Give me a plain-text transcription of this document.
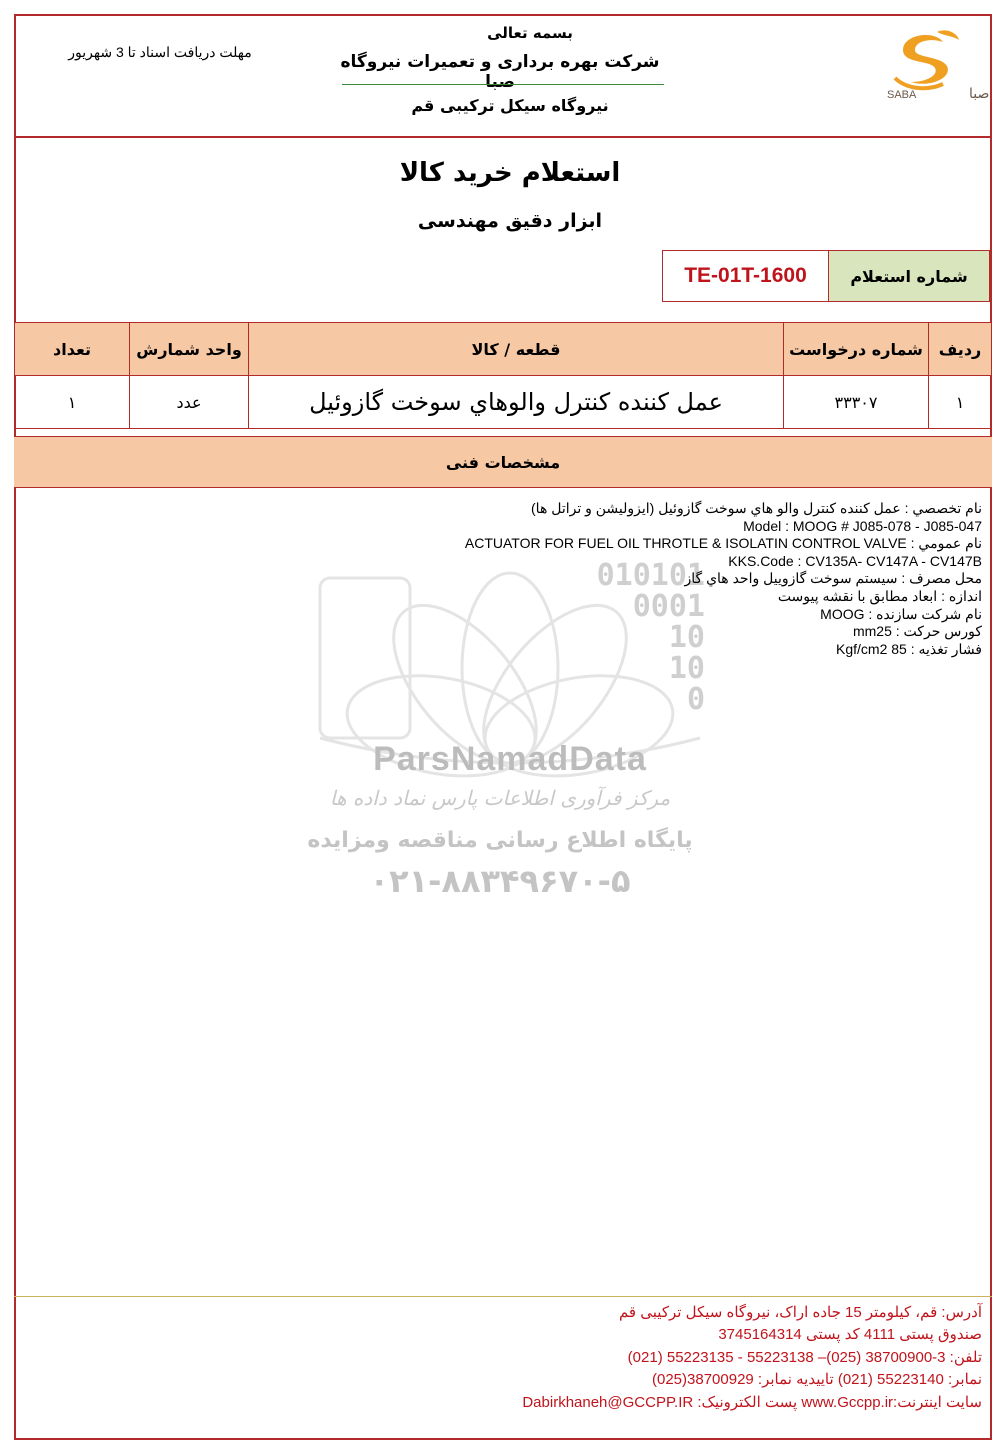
SABA	صبا
بسمه تعالی
شرکت بهره برداری و تعمیرات نیروگاه صبا
نیروگاه سیکل ترکیبی قم
مهلت دریافت اسناد تا 3 شهریور
استعلام خرید کالا
ابزار دقیق مهندسی
شماره استعلام
TE-01T-1600
ردیف	شماره درخواست	قطعه / کالا	واحد شمارش	تعداد
۱	۳۳۳۰۷	عمل کننده کنترل والوهاي سوخت گازوئيل	عدد	۱
مشخصات فنی
010101
0001
10
10
0
ParsNamadData
مرکز فرآوری اطلاعات پارس نماد داده ها
پایگاه اطلاع رسانی مناقصه ومزایده
۰۲۱-۸۸۳۴۹۶۷۰-۵
نام تخصصي : عمل كننده كنترل والو هاي سوخت گازوئيل (ايزوليشن و تراتل ها)
Model : MOOG # J085-078 - J085-047
نام عمومي : ACTUATOR FOR FUEL OIL THROTLE & ISOLATIN CONTROL VALVE
KKS.Code : CV135A- CV147A - CV147B
محل مصرف : سيستم سوخت گازوييل واحد هاي گاز
اندازه : ابعاد مطابق با نقشه پيوست
نام شركت سازنده : MOOG
كورس حركت : mm25
فشار تغذيه : Kgf/cm2 85
آدرس: قم، کیلومتر 15 جاده اراک، نیروگاه سیکل ترکیبی قم
صندوق پستی 4111 کد پستی 3745164314
تلفن: 3-38700900 (025)– 55223138 - 55223135 (021)
نمابر: 55223140 (021) تاییدیه نمابر: 38700929(025)
سایت اینترنت:www.Gccpp.ir پست الکترونیک: Dabirkhaneh@GCCPP.IR
